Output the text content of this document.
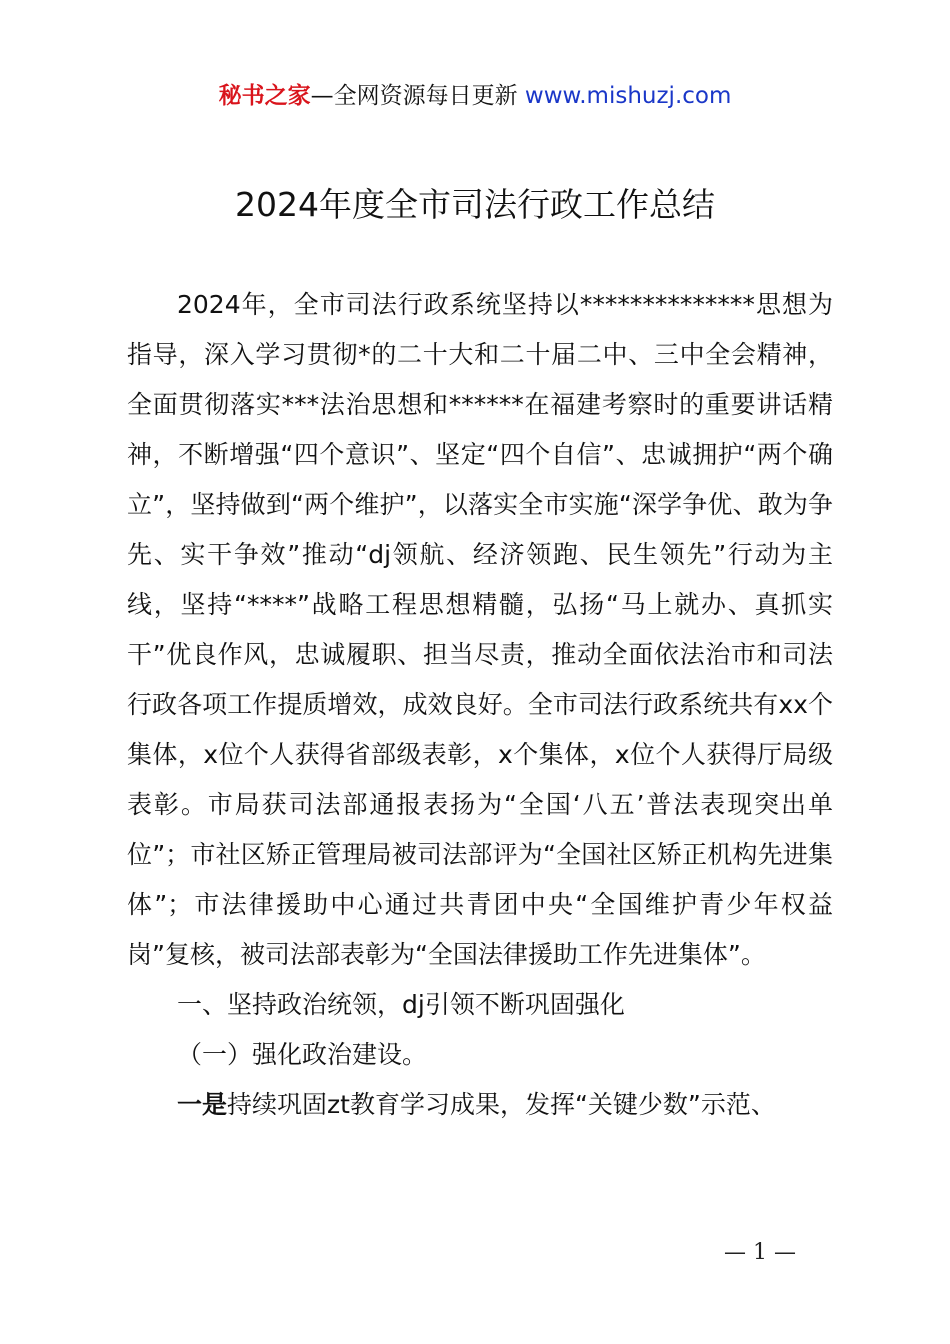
秘书之家—全网资源每日更新 www.mishuzj.com
2024年度全市司法行政工作总结

2024年，全市司法行政系统坚持以**************思想为指导，深入学习贯彻*的二十大和二十届二中、三中全会精神，全面贯彻落实***法治思想和******在福建考察时的重要讲话精神，不断增强“四个意识”、坚定“四个自信”、忠诚拥护“两个确立”，坚持做到“两个维护”，以落实全市实施“深学争优、敢为争先、实干争效”推动“dj领航、经济领跑、民生领先”行动为主线，坚持“****”战略工程思想精髓，弘扬“马上就办、真抓实干”优良作风，忠诚履职、担当尽责，推动全面依法治市和司法行政各项工作提质增效，成效良好。全市司法行政系统共有xx个集体，x位个人获得省部级表彰，x个集体，x位个人获得厅局级表彰。市局获司法部通报表扬为“全国‘八五’普法表现突出单位”；市社区矫正管理局被司法部评为“全国社区矫正机构先进集体”；市法律援助中心通过共青团中央“全国维护青少年权益岗”复核，被司法部表彰为“全国法律援助工作先进集体”。

一、坚持政治统领，dj引领不断巩固强化

（一）强化政治建设。

一是持续巩固zt教育学习成果，发挥“关键少数”示范、

— 1 —
